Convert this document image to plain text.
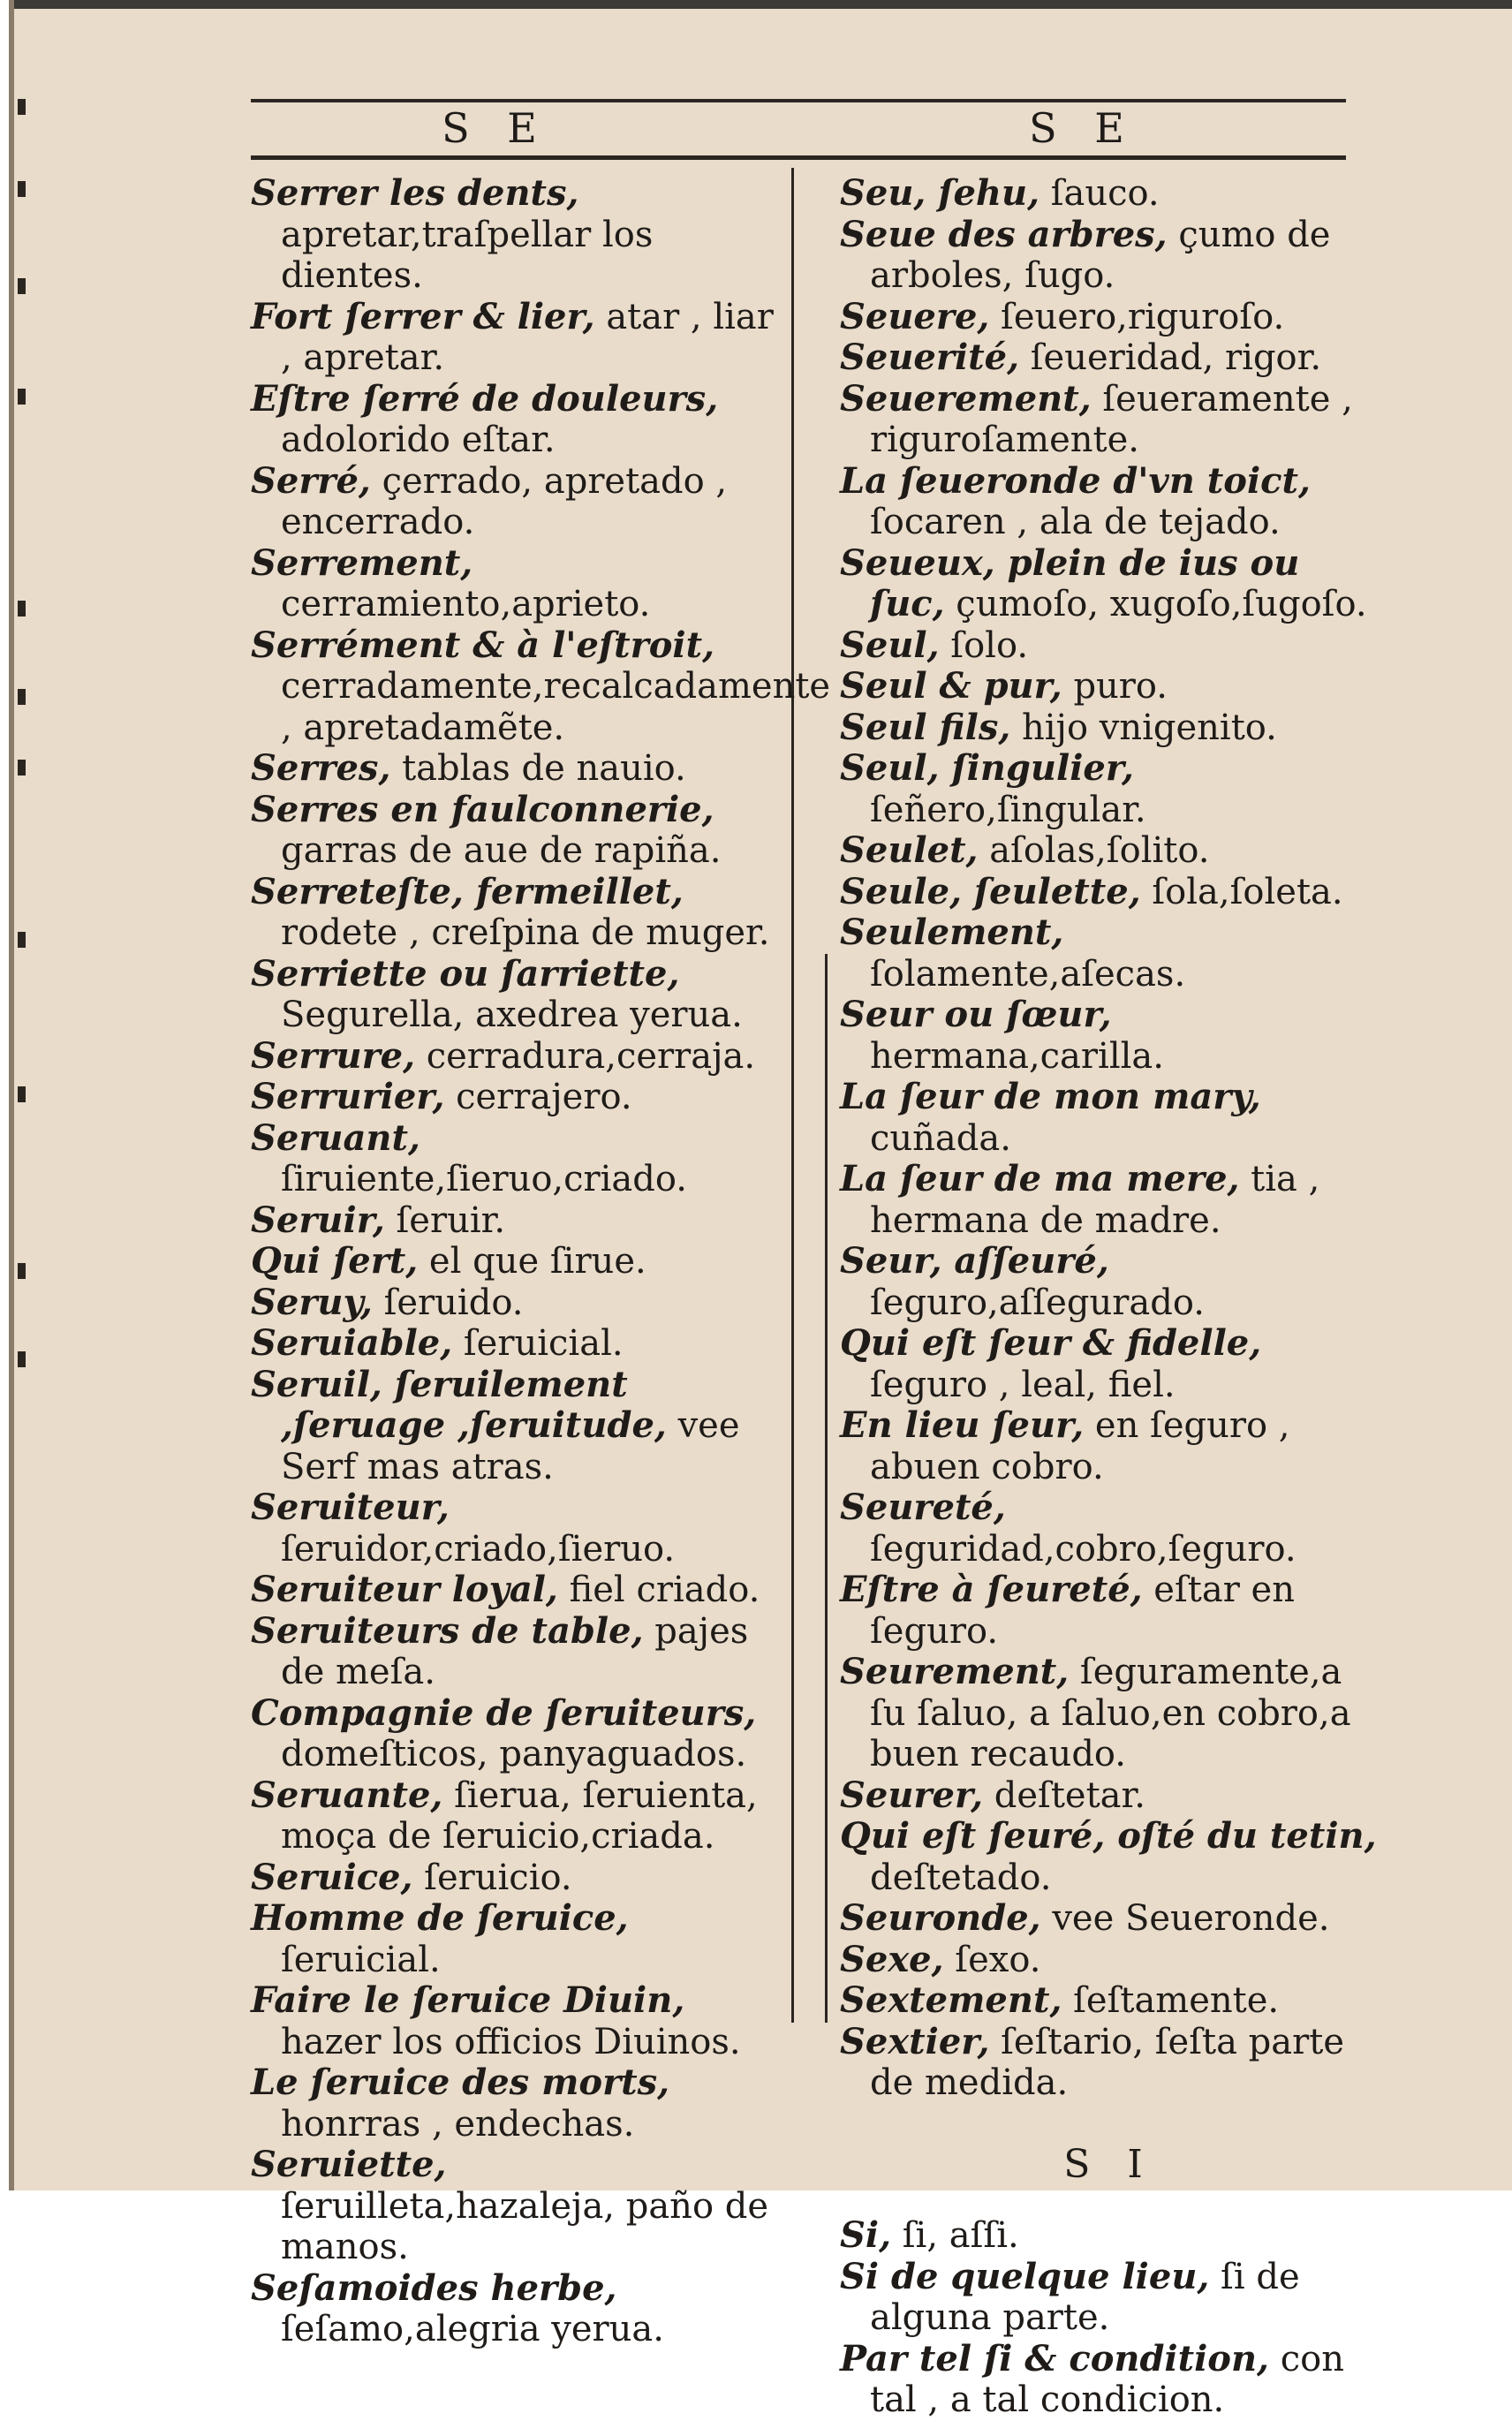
S E	S E
Serrer les dents, apretar,traſpellar los dientes.
Fort ſerrer & lier, atar , liar , apretar.
Eſtre ſerré de douleurs, adolorido eſtar.
Serré, çerrado, apretado , encerrado.
Serrement, cerramiento,aprieto.
Serrément & à l'eſtroit, cerradamente,recalcadamente , apretadamẽte.
Serres, tablas de nauio.
Serres en faulconnerie, garras de aue de rapiña.
Serreteſte, fermeillet, rodete , creſpina de muger.
Serriette ou ſarriette, Segurella, axedrea yerua.
Serrure, cerradura,cerraja.
Serrurier, cerrajero.
Seruant, ſiruiente,ſieruo,criado.
Seruir, ſeruir.
Qui ſert, el que ſirue.
Seruy, ſeruido.
Seruiable, ſeruicial.
Seruil, ſeruilement ,ſeruage ,ſeruitude, vee Serf mas atras.
Seruiteur, ſeruidor,criado,ſieruo.
Seruiteur loyal, fiel criado.
Seruiteurs de table, pajes de meſa.
Compagnie de ſeruiteurs, domeſticos, panyaguados.
Seruante, ſierua, ſeruienta, moça de ſeruicio,criada.
Seruice, ſeruicio.
Homme de ſeruice, ſeruicial.
Faire le ſeruice Diuin, hazer los officios Diuinos.
Le ſeruice des morts, honrras , endechas.
Seruiette, ſeruilleta,hazaleja, paño de manos.
Seſamoides herbe, ſeſamo,alegria yerua.
Seu, ſehu, ſauco.
Seue des arbres, çumo de arboles, ſugo.
Seuere, ſeuero,riguroſo.
Seuerité, ſeueridad, rigor.
Seuerement, ſeueramente , riguroſamente.
La ſeueronde d'vn toict, ſocaren , ala de tejado.
Seueux, plein de ius ou ſuc, çumoſo, xugoſo,ſugoſo.
Seul, ſolo.
Seul & pur, puro.
Seul fils, hijo vnigenito.
Seul, ſingulier, ſeñero,ſingular.
Seulet, aſolas,ſolito.
Seule, ſeulette, ſola,ſoleta.
Seulement, ſolamente,aſecas.
Seur ou ſœur, hermana,carilla.
La ſeur de mon mary, cuñada.
La ſeur de ma mere, tia , hermana de madre.
Seur, aſſeuré, ſeguro,aſſegurado.
Qui eſt ſeur & fidelle, ſeguro , leal, fiel.
En lieu ſeur, en ſeguro , abuen cobro.
Seureté, ſeguridad,cobro,ſeguro.
Eſtre à ſeureté, eſtar en ſeguro.
Seurement, ſeguramente,a ſu ſaluo, a ſaluo,en cobro,a buen recaudo.
Seurer, deſtetar.
Qui eſt ſeuré, oſté du tetin, deſtetado.
Seuronde, vee Seueronde.
Sexe, ſexo.
Sextement, ſeſtamente.
Sextier, ſeſtario, ſeſta parte de medida.
S I
Si, ſi, aſſi.
Si de quelque lieu, ſi de alguna parte.
Par tel ſi & condition, con tal , a tal condicion.
